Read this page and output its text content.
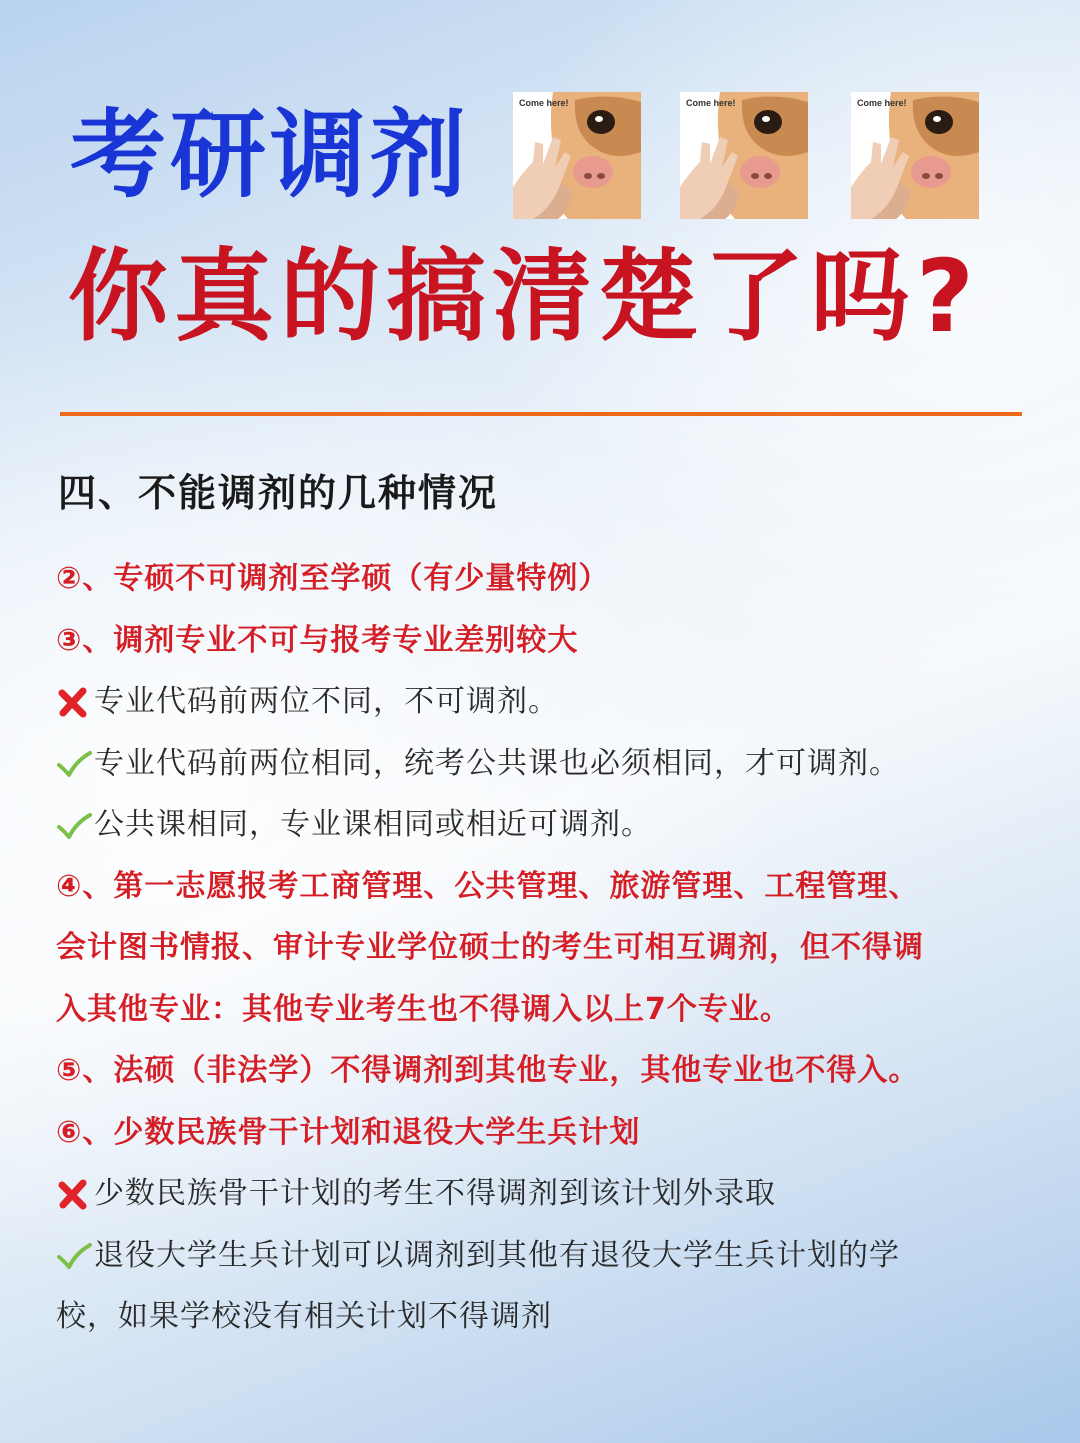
考研调剂
你真的搞清楚了吗?
Come here!	Come here!	Come here!
四、不能调剂的几种情况
②、专硕不可调剂至学硕（有少量特例）
③、调剂专业不可与报考专业差别较大
专业代码前两位不同，不可调剂。
专业代码前两位相同，统考公共课也必须相同，才可调剂。
公共课相同，专业课相同或相近可调剂。
④、第一志愿报考工商管理、公共管理、旅游管理、工程管理、
会计图书情报、审计专业学位硕士的考生可相互调剂，但不得调
入其他专业：其他专业考生也不得调入以上7个专业。
⑤、法硕（非法学）不得调剂到其他专业，其他专业也不得入。
⑥、少数民族骨干计划和退役大学生兵计划
少数民族骨干计划的考生不得调剂到该计划外录取
退役大学生兵计划可以调剂到其他有退役大学生兵计划的学
校，如果学校没有相关计划不得调剂
